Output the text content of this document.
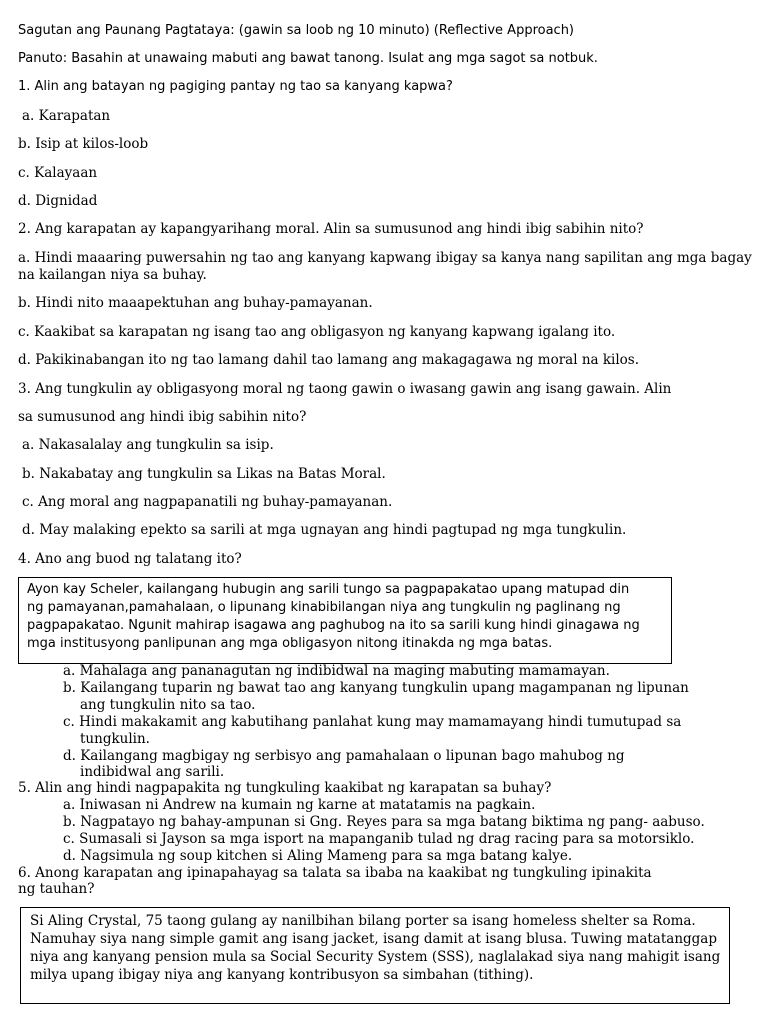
Sagutan ang Paunang Pagtataya: (gawin sa loob ng 10 minuto) (Reflective Approach)

Panuto: Basahin at unawaing mabuti ang bawat tanong. Isulat ang mga sagot sa notbuk.

1. Alin ang batayan ng pagiging pantay ng tao sa kanyang kapwa?

a. Karapatan

b. Isip at kilos-loob

c. Kalayaan

d. Dignidad

2. Ang karapatan ay kapangyarihang moral. Alin sa sumusunod ang hindi ibig sabihin nito?

a. Hindi maaaring puwersahin ng tao ang kanyang kapwang ibigay sa kanya nang sapilitan ang mga bagay

na kailangan niya sa buhay.

b. Hindi nito maaapektuhan ang buhay-pamayanan.

c. Kaakibat sa karapatan ng isang tao ang obligasyon ng kanyang kapwang igalang ito.

d. Pakikinabangan ito ng tao lamang dahil tao lamang ang makagagawa ng moral na kilos.

3. Ang tungkulin ay obligasyong moral ng taong gawin o iwasang gawin ang isang gawain. Alin

sa sumusunod ang hindi ibig sabihin nito?

a. Nakasalalay ang tungkulin sa isip.

b. Nakabatay ang tungkulin sa Likas na Batas Moral.

c. Ang moral ang nagpapanatili ng buhay-pamayanan.

d. May malaking epekto sa sarili at mga ugnayan ang hindi pagtupad ng mga tungkulin.

4. Ano ang buod ng talatang ito?

Ayon kay Scheler, kailangang hubugin ang sarili tungo sa pagpapakatao upang matupad din

ng pamayanan,pamahalaan, o lipunang kinabibilangan niya ang tungkulin ng paglinang ng

pagpapakatao. Ngunit mahirap isagawa ang paghubog na ito sa sarili kung hindi ginagawa ng

mga institusyong panlipunan ang mga obligasyon nitong itinakda ng mga batas.

a. Mahalaga ang pananagutan ng indibidwal na maging mabuting mamamayan.

b. Kailangang tuparin ng bawat tao ang kanyang tungkulin upang magampanan ng lipunan

ang tungkulin nito sa tao.

c. Hindi makakamit ang kabutihang panlahat kung may mamamayang hindi tumutupad sa

tungkulin.

d. Kailangang magbigay ng serbisyo ang pamahalaan o lipunan bago mahubog ng

indibidwal ang sarili.

5. Alin ang hindi nagpapakita ng tungkuling kaakibat ng karapatan sa buhay?

a. Iniwasan ni Andrew na kumain ng karne at matatamis na pagkain.

b. Nagpatayo ng bahay-ampunan si Gng. Reyes para sa mga batang biktima ng pang- aabuso.

c. Sumasali si Jayson sa mga isport na mapanganib tulad ng drag racing para sa motorsiklo.

d. Nagsimula ng soup kitchen si Aling Mameng para sa mga batang kalye.

6. Anong karapatan ang ipinapahayag sa talata sa ibaba na kaakibat ng tungkuling ipinakita

ng tauhan?

Si Aling Crystal, 75 taong gulang ay nanilbihan bilang porter sa isang homeless shelter sa Roma.

Namuhay siya nang simple gamit ang isang jacket, isang damit at isang blusa. Tuwing matatanggap

niya ang kanyang pension mula sa Social Security System (SSS), naglalakad siya nang mahigit isang

milya upang ibigay niya ang kanyang kontribusyon sa simbahan (tithing).
